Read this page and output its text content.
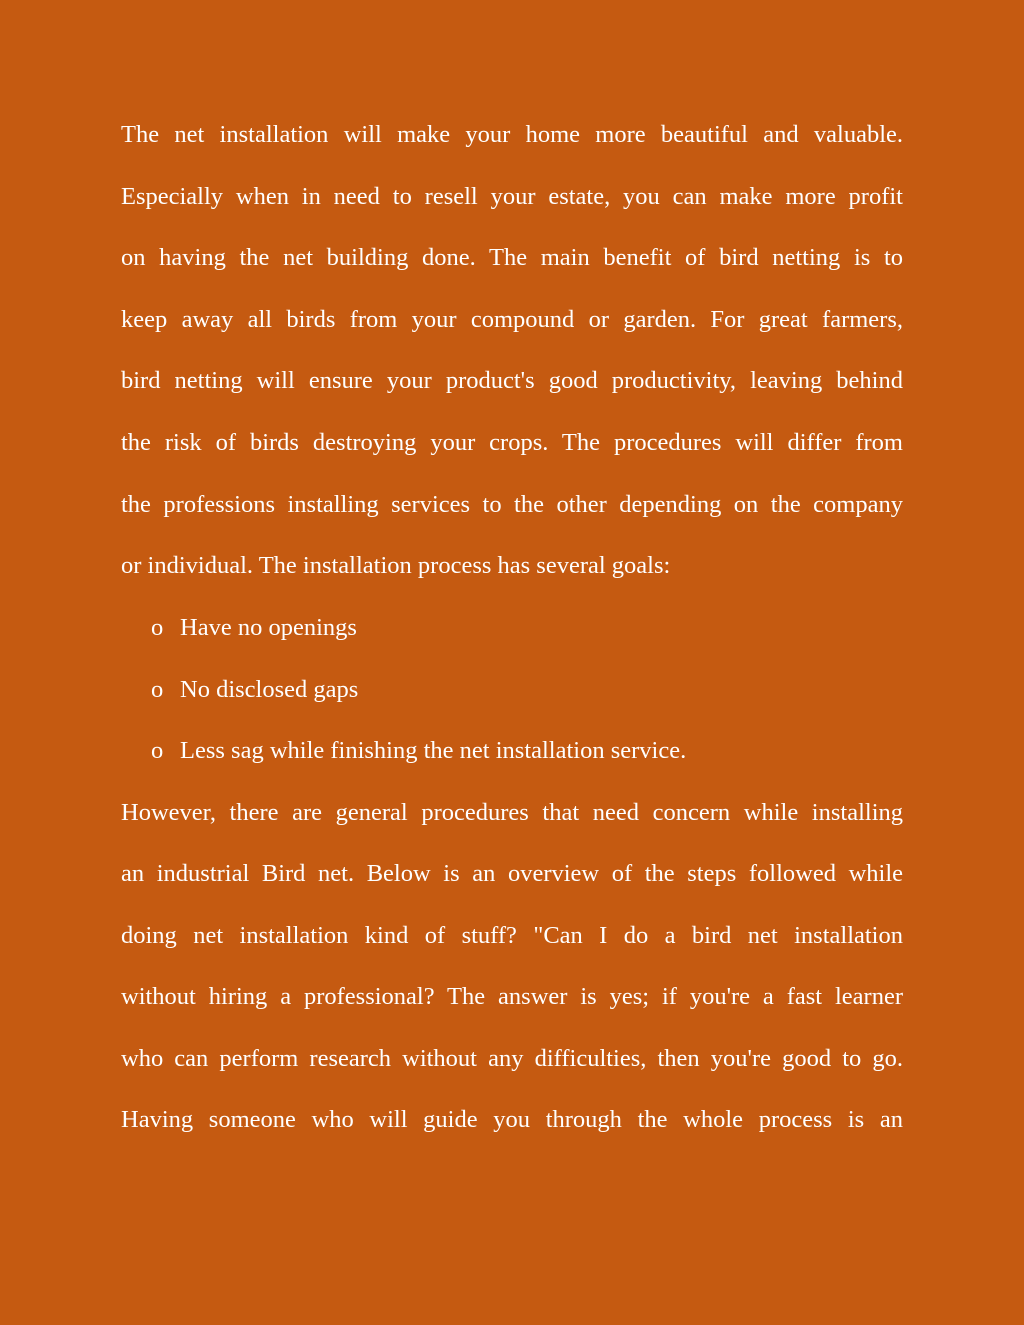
The net installation will make your home more beautiful and valuable.
Especially when in need to resell your estate, you can make more profit
on having the net building done. The main benefit of bird netting is to
keep away all birds from your compound or garden. For great farmers,
bird netting will ensure your product's good productivity, leaving behind
the risk of birds destroying your crops. The procedures will differ from
the professions installing services to the other depending on the company
or individual. The installation process has several goals:
o Have no openings
o No disclosed gaps
o Less sag while finishing the net installation service.
However, there are general procedures that need concern while installing
an industrial Bird net. Below is an overview of the steps followed while
doing net installation kind of stuff? "Can I do a bird net installation
without hiring a professional? The answer is yes; if you're a fast learner
who can perform research without any difficulties, then you're good to go.
Having someone who will guide you through the whole process is an
